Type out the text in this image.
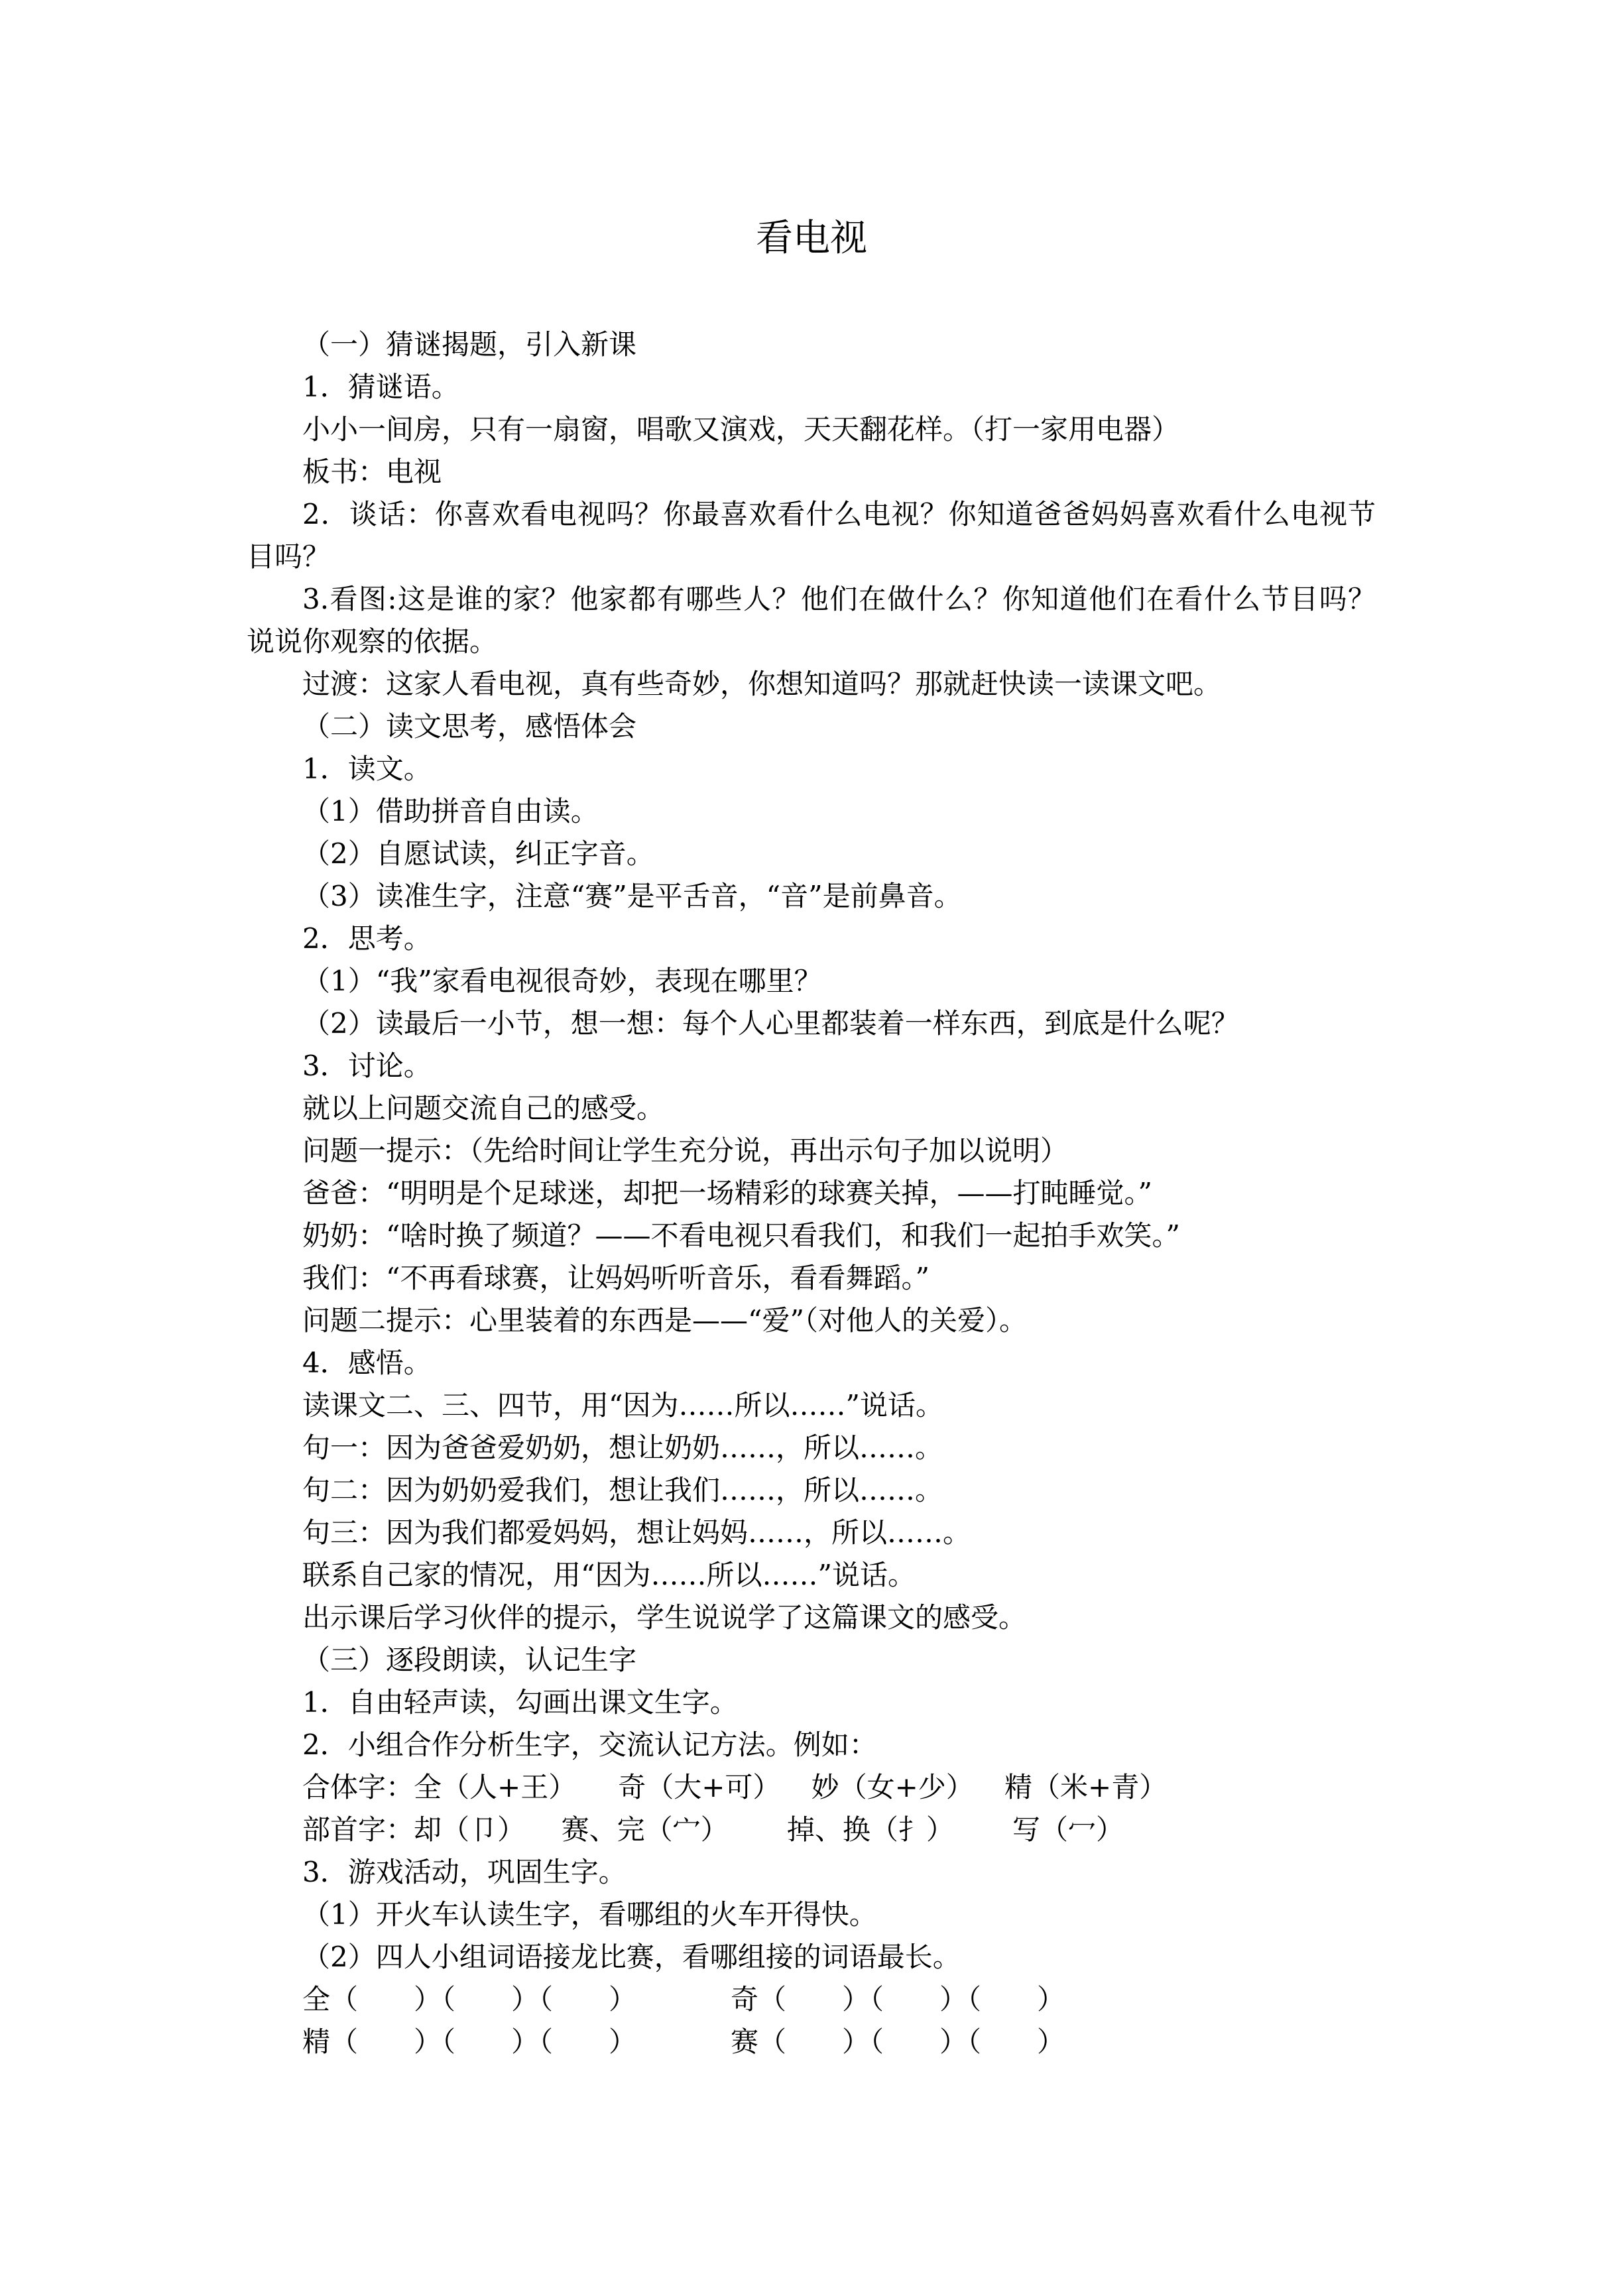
看电视
（一）猜谜揭题，引入新课
1．猜谜语。
小小一间房，只有一扇窗，唱歌又演戏，天天翻花样。（打一家用电器）
板书：电视
2．谈话：你喜欢看电视吗？你最喜欢看什么电视？你知道爸爸妈妈喜欢看什么电视节
目吗？
3.看图:这是谁的家？他家都有哪些人？他们在做什么？你知道他们在看什么节目吗？
说说你观察的依据。
过渡：这家人看电视，真有些奇妙，你想知道吗？那就赶快读一读课文吧。
（二）读文思考，感悟体会
1．读文。
（1）借助拼音自由读。
（2）自愿试读，纠正字音。
（3）读准生字，注意“赛”是平舌音，“音”是前鼻音。
2．思考。
（1）“我”家看电视很奇妙，表现在哪里？
（2）读最后一小节，想一想：每个人心里都装着一样东西，到底是什么呢？
3．讨论。
就以上问题交流自己的感受。
问题一提示：（先给时间让学生充分说，再出示句子加以说明）
爸爸：“明明是个足球迷，却把一场精彩的球赛关掉，——打盹睡觉。”
奶奶：“啥时换了频道？——不看电视只看我们，和我们一起拍手欢笑。”
我们：“不再看球赛，让妈妈听听音乐，看看舞蹈。”
问题二提示：心里装着的东西是——“爱”（对他人的关爱）。
4．感悟。
读课文二、三、四节，用“因为……所以……”说话。
句一：因为爸爸爱奶奶，想让奶奶……，所以……。
句二：因为奶奶爱我们，想让我们……，所以……。
句三：因为我们都爱妈妈，想让妈妈……，所以……。
联系自己家的情况，用“因为……所以……”说话。
出示课后学习伙伴的提示，学生说说学了这篇课文的感受。
（三）逐段朗读，认记生字
1．自由轻声读，勾画出课文生字。
2．小组合作分析生字，交流认记方法。例如：
合体字：全（人+王） 奇（大+可） 妙（女+少） 精（米+青）
部首字：却（卩） 赛、完（宀） 掉、换（扌） 写（冖）
3．游戏活动，巩固生字。
（1）开火车认读生字，看哪组的火车开得快。
（2）四人小组词语接龙比赛，看哪组接的词语最长。
全（　　）（　　）（　　）	奇（　　）（　　）（　　）
精（　　）（　　）（　　）	赛（　　）（　　）（　　）
